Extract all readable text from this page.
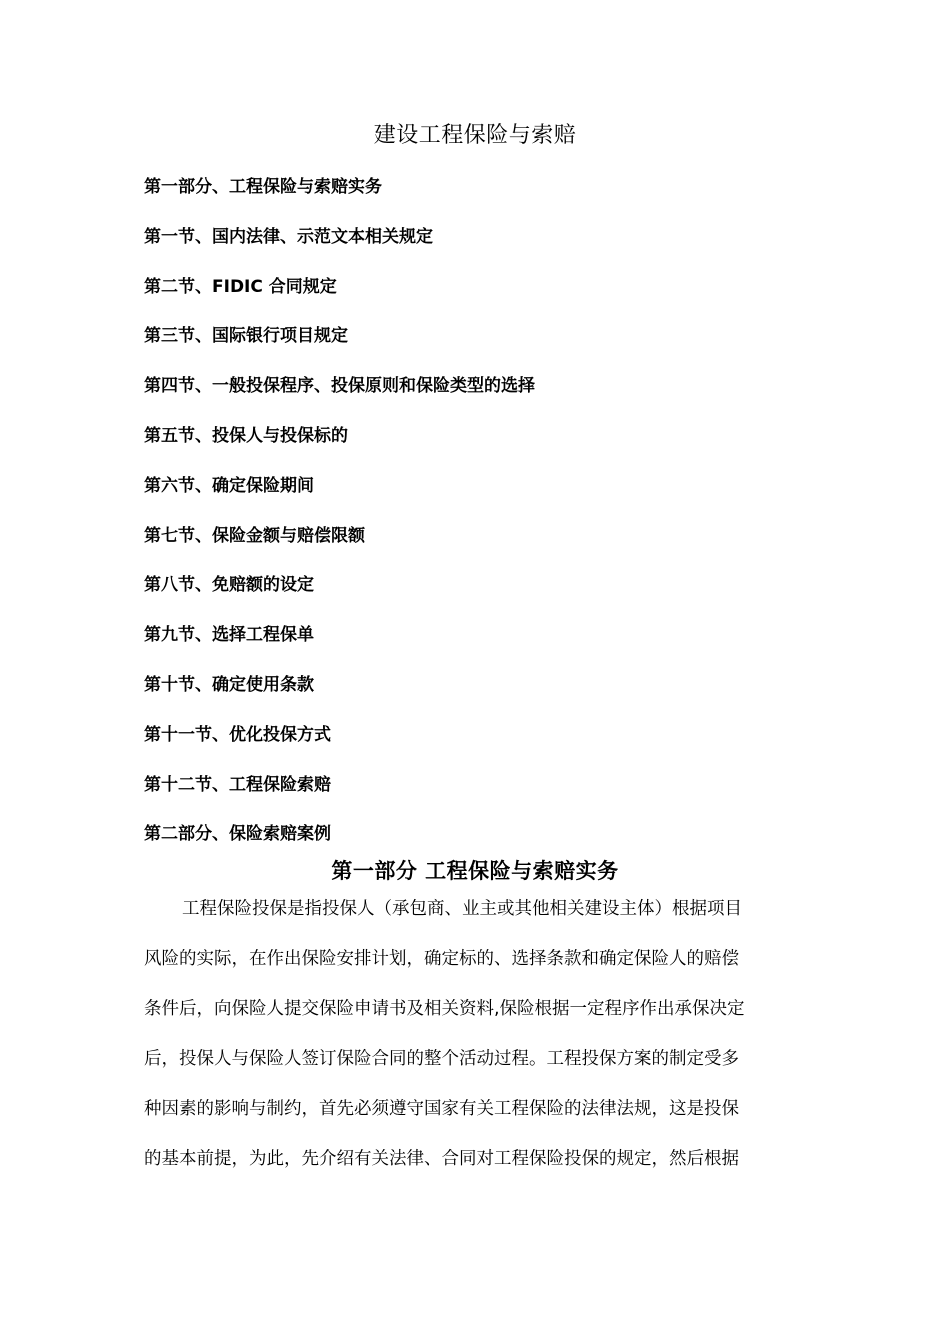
建设工程保险与索赔
第一部分、工程保险与索赔实务
第一节、国内法律、示范文本相关规定
第二节、FIDIC 合同规定
第三节、国际银行项目规定
第四节、一般投保程序、投保原则和保险类型的选择
第五节、投保人与投保标的
第六节、确定保险期间
第七节、保险金额与赔偿限额
第八节、免赔额的设定
第九节、选择工程保单
第十节、确定使用条款
第十一节、优化投保方式
第十二节、工程保险索赔
第二部分、保险索赔案例
第一部分 工程保险与索赔实务
工程保险投保是指投保人（承包商、业主或其他相关建设主体）根据项目
风险的实际，在作出保险安排计划，确定标的、选择条款和确定保险人的赔偿
条件后，向保险人提交保险申请书及相关资料,保险根据一定程序作出承保决定
后，投保人与保险人签订保险合同的整个活动过程。工程投保方案的制定受多
种因素的影响与制约，首先必须遵守国家有关工程保险的法律法规，这是投保
的基本前提，为此，先介绍有关法律、合同对工程保险投保的规定，然后根据
